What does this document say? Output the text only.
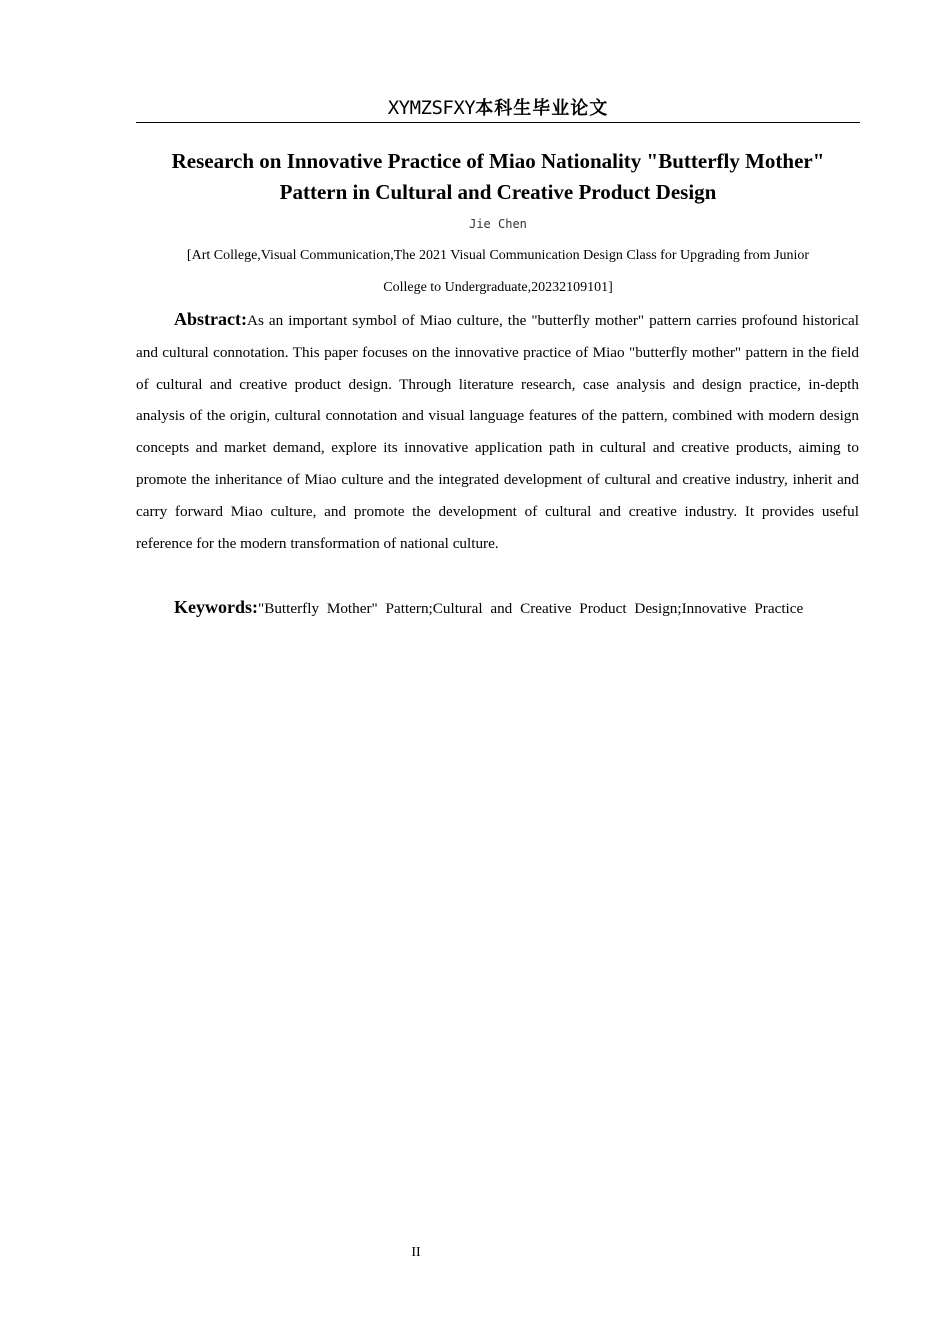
XYMZSFXY本科生毕业论文
Research on Innovative Practice of Miao Nationality "Butterfly Mother"
Pattern in Cultural and Creative Product Design
Jie Chen
[Art College,Visual Communication,The 2021 Visual Communication Design Class for Upgrading from Junior
College to Undergraduate,20232109101]

Abstract:As an important symbol of Miao culture, the "butterfly mother" pattern carries profound historical and cultural connotation. This paper focuses on the innovative practice of Miao "butterfly mother" pattern in the field of cultural and creative product design. Through literature research, case analysis and design practice, in-depth analysis of the origin, cultural connotation and visual language features of the pattern, combined with modern design concepts and market demand, explore its innovative application path in cultural and creative products, aiming to promote the inheritance of Miao culture and the integrated development of cultural and creative industry, inherit and carry forward Miao culture, and promote the development of cultural and creative industry. It provides useful reference for the modern transformation of national culture.

Keywords:"Butterfly Mother" Pattern;Cultural and Creative Product Design;Innovative Practice

II
